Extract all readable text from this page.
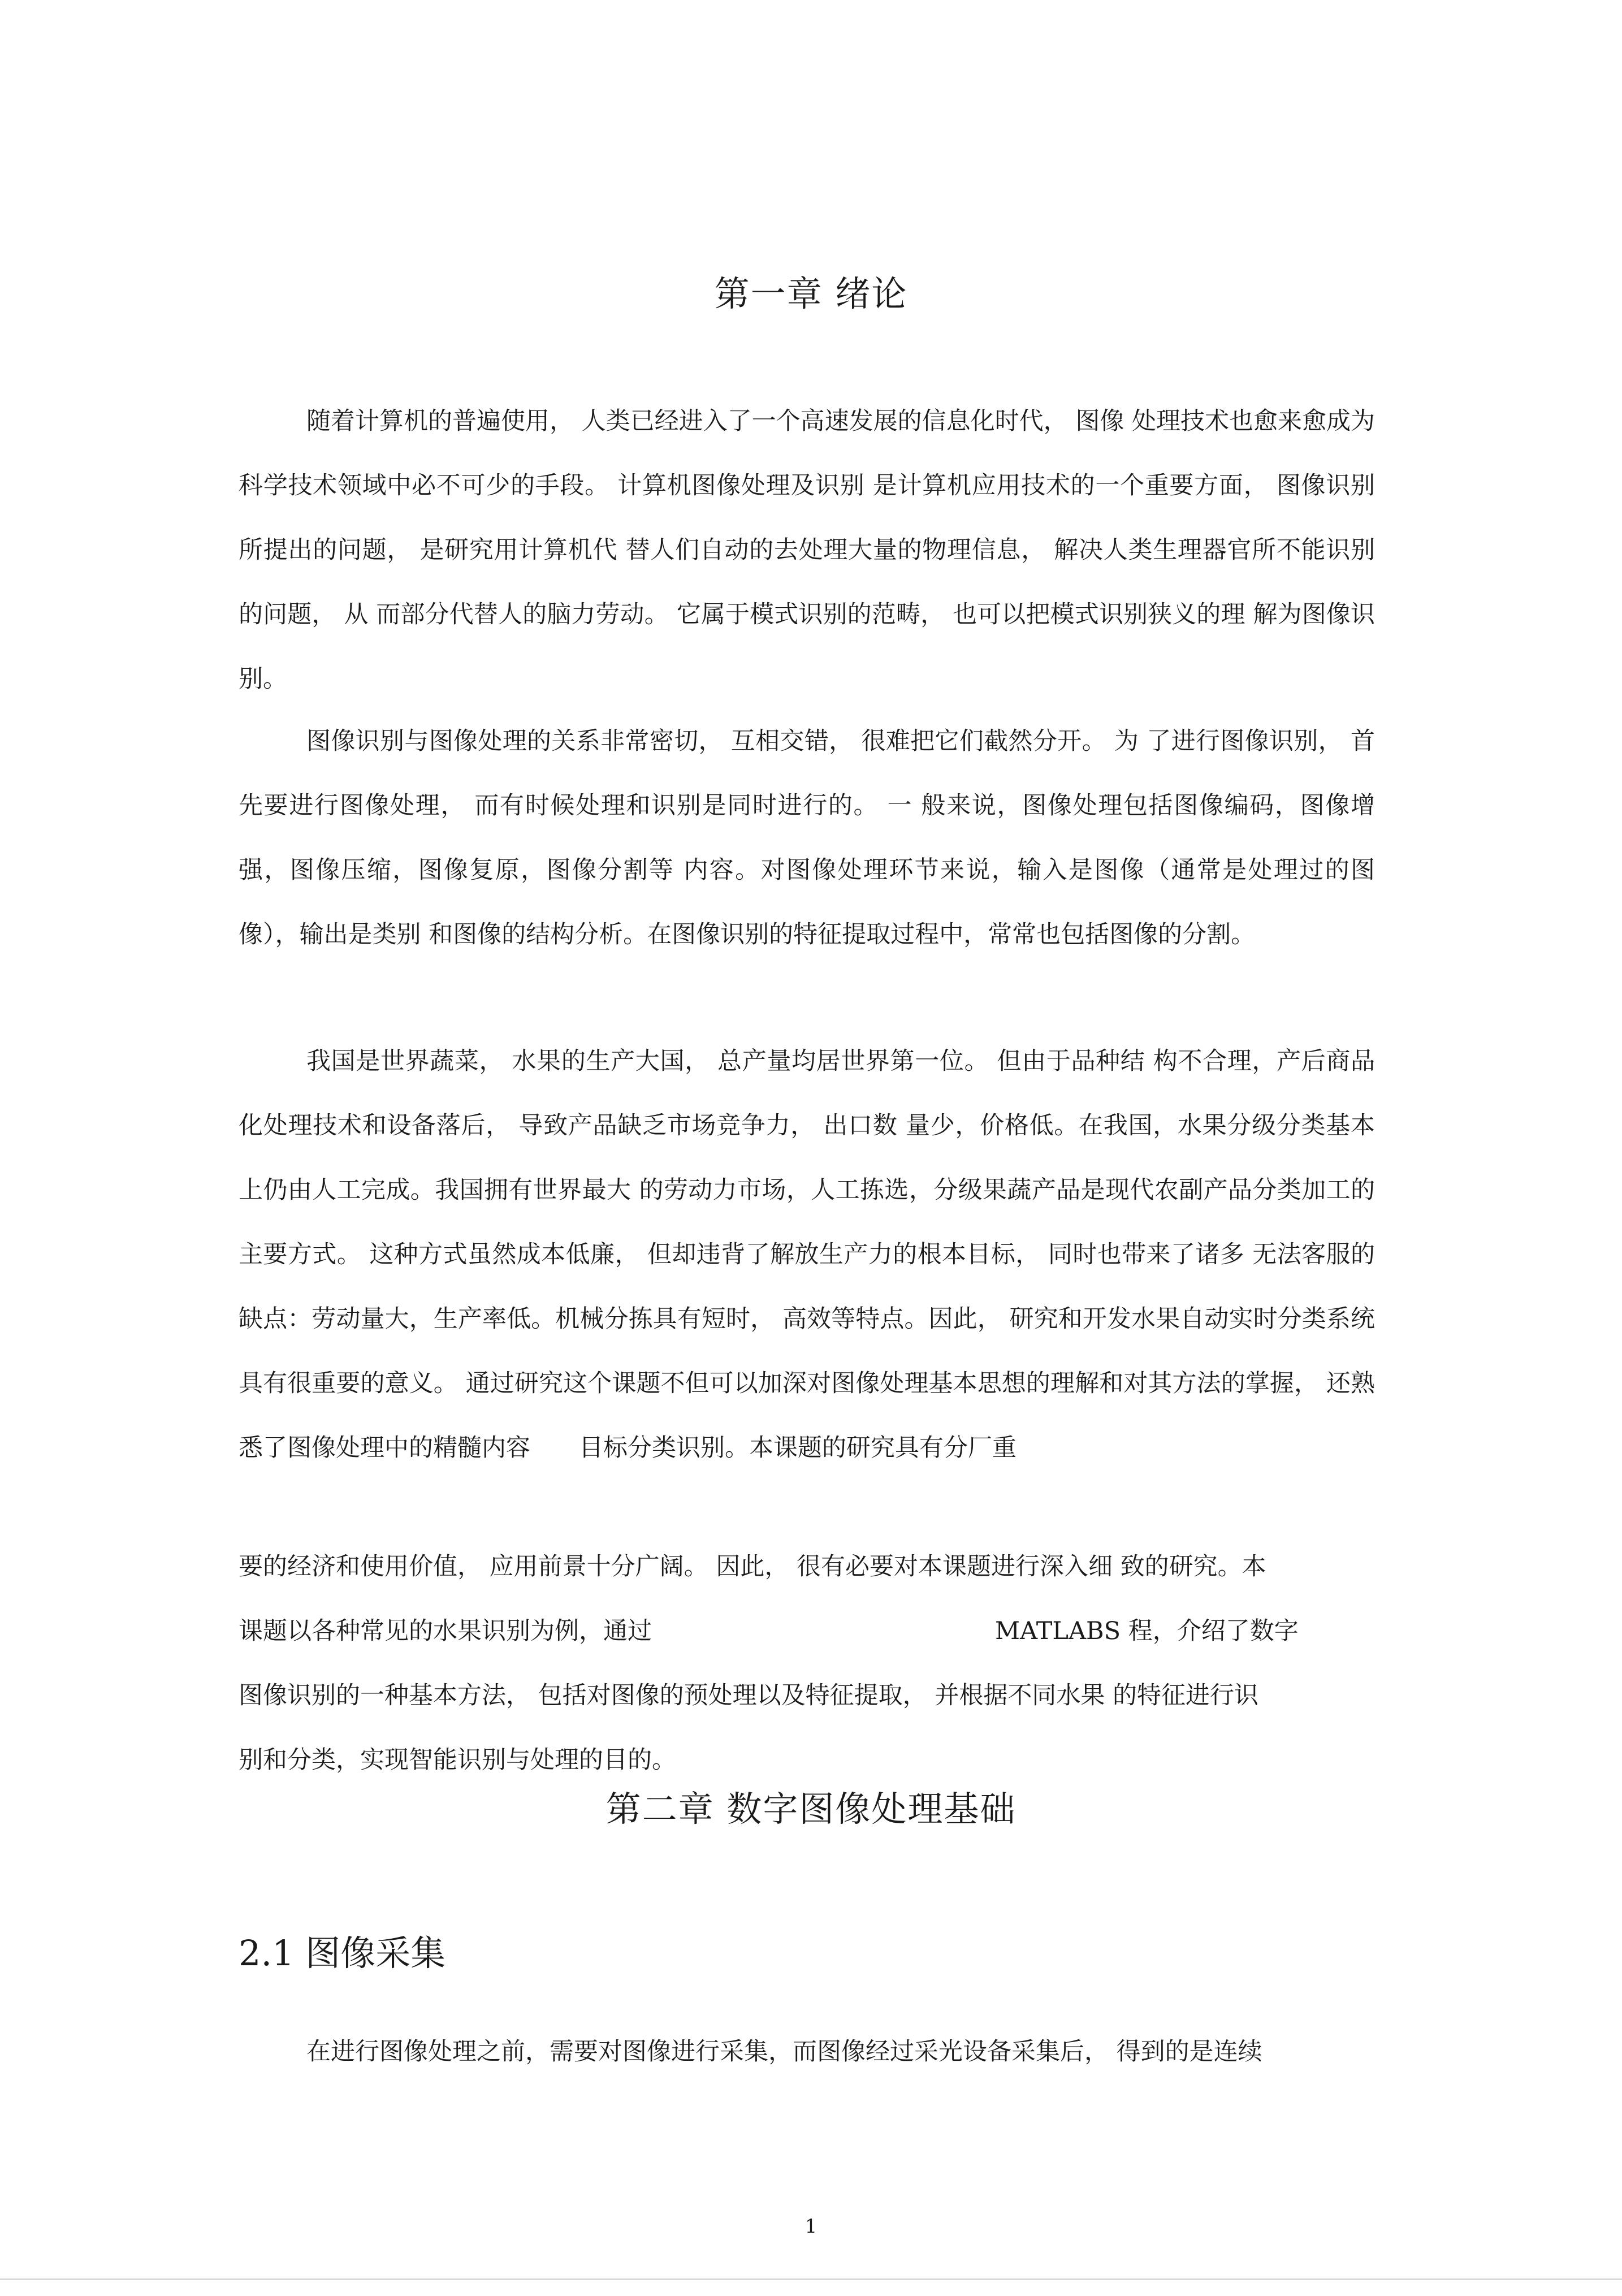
第一章 绪论

随着计算机的普遍使用， 人类已经进入了一个高速发展的信息化时代， 图像 处理技术也愈来愈成为科学技术领域中必不可少的手段。 计算机图像处理及识别 是计算机应用技术的一个重要方面， 图像识别所提出的问题， 是研究用计算机代 替人们自动的去处理大量的物理信息， 解决人类生理器官所不能识别的问题， 从 而部分代替人的脑力劳动。 它属于模式识别的范畴， 也可以把模式识别狭义的理 解为图像识别。

图像识别与图像处理的关系非常密切， 互相交错， 很难把它们截然分开。 为 了进行图像识别， 首先要进行图像处理， 而有时候处理和识别是同时进行的。 一 般来说，图像处理包括图像编码，图像增强，图像压缩，图像复原，图像分割等 内容。对图像处理环节来说，输入是图像（通常是处理过的图像），输出是类别 和图像的结构分析。在图像识别的特征提取过程中，常常也包括图像的分割。

我国是世界蔬菜， 水果的生产大国， 总产量均居世界第一位。 但由于品种结 构不合理，产后商品化处理技术和设备落后， 导致产品缺乏市场竞争力， 出口数 量少，价格低。在我国，水果分级分类基本上仍由人工完成。我国拥有世界最大 的劳动力市场，人工拣选，分级果蔬产品是现代农副产品分类加工的主要方式。 这种方式虽然成本低廉， 但却违背了解放生产力的根本目标， 同时也带来了诸多 无法客服的缺点：劳动量大，生产率低。机械分拣具有短时， 高效等特点。因此， 研究和开发水果自动实时分类系统具有很重要的意义。 通过研究这个课题不但可以加深对图像处理基本思想的理解和对其方法的掌握， 还熟悉了图像处理中的精髓内容　　目标分类识别。本课题的研究具有分厂重

要的经济和使用价值， 应用前景十分广阔。 因此， 很有必要对本课题进行深入细 致的研究。本
课题以各种常见的水果识别为例，通过	MATLABS 程，介绍了数字
图像识别的一种基本方法， 包括对图像的预处理以及特征提取， 并根据不同水果 的特征进行识
别和分类，实现智能识别与处理的目的。
第二章 数字图像处理基础
2.1 图像采集
在进行图像处理之前，需要对图像进行采集，而图像经过采光设备采集后， 得到的是连续
1
